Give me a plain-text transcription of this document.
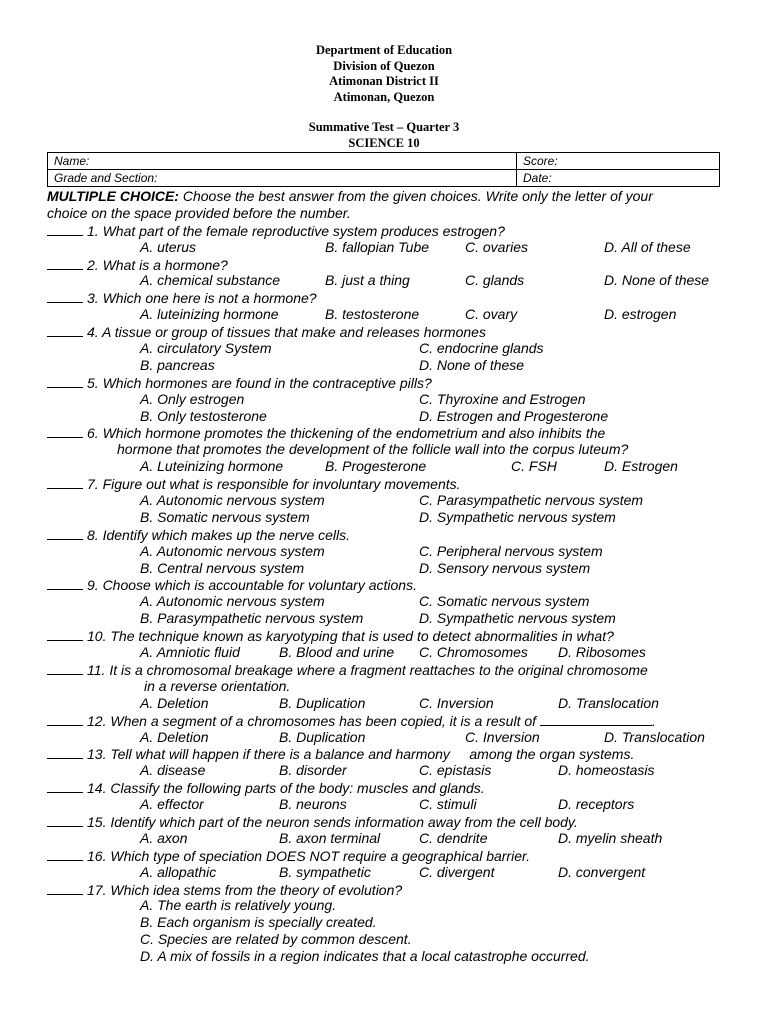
Department of Education
Division of Quezon
Atimonan District II
Atimonan, Quezon
Summative Test – Quarter 3
SCIENCE 10
Name:	Score:
Grade and Section:	Date:
MULTIPLE CHOICE: Choose the best answer from the given choices. Write only the letter of your
choice on the space provided before the number.
1. What part of the female reproductive system produces estrogen?
A. uterus	B. fallopian Tube	C. ovaries	D. All of these
2. What is a hormone?
A. chemical substance	B. just a thing	C. glands	D. None of these
3. Which one here is not a hormone?
A. luteinizing hormone	B. testosterone	C. ovary	D. estrogen
4. A tissue or group of tissues that make and releases hormones
A. circulatory System	C. endocrine glands
B. pancreas	D. None of these
5. Which hormones are found in the contraceptive pills?
A. Only estrogen	C. Thyroxine and Estrogen
B. Only testosterone	D. Estrogen and Progesterone
6. Which hormone promotes the thickening of the endometrium and also inhibits the
hormone that promotes the development of the follicle wall into the corpus luteum?
A. Luteinizing hormone	B. Progesterone	C. FSH	D. Estrogen
7. Figure out what is responsible for involuntary movements.
A. Autonomic nervous system	C. Parasympathetic nervous system
B. Somatic nervous system	D. Sympathetic nervous system
8. Identify which makes up the nerve cells.
A. Autonomic nervous system	C. Peripheral nervous system
B. Central nervous system	D. Sensory nervous system
9. Choose which is accountable for voluntary actions.
A. Autonomic nervous system	C. Somatic nervous system
B. Parasympathetic nervous system	D. Sympathetic nervous system
10. The technique known as karyotyping that is used to detect abnormalities in what?
A. Amniotic fluid	B. Blood and urine C. Chromosomes D. Ribosomes
11. It is a chromosomal breakage where a fragment reattaches to the original chromosome
in a reverse orientation.
A. Deletion	B. Duplication	C. Inversion	D. Translocation
12. When a segment of a chromosomes has been copied, it is a result of	.
A. Deletion	B. Duplication	C. Inversion	D. Translocation
13. Tell what will happen if there is a balance and harmony     among the organ systems.
A. disease	B. disorder	C. epistasis	D. homeostasis
14. Classify the following parts of the body: muscles and glands.
A. effector	B. neurons	C. stimuli	D. receptors
15. Identify which part of the neuron sends information away from the cell body.
A. axon	B. axon terminal	C. dendrite	D. myelin sheath
16. Which type of speciation DOES NOT require a geographical barrier.
A. allopathic	B. sympathetic	C. divergent	D. convergent
17. Which idea stems from the theory of evolution?
A. The earth is relatively young.
B. Each organism is specially created.
C. Species are related by common descent.
D. A mix of fossils in a region indicates that a local catastrophe occurred.
